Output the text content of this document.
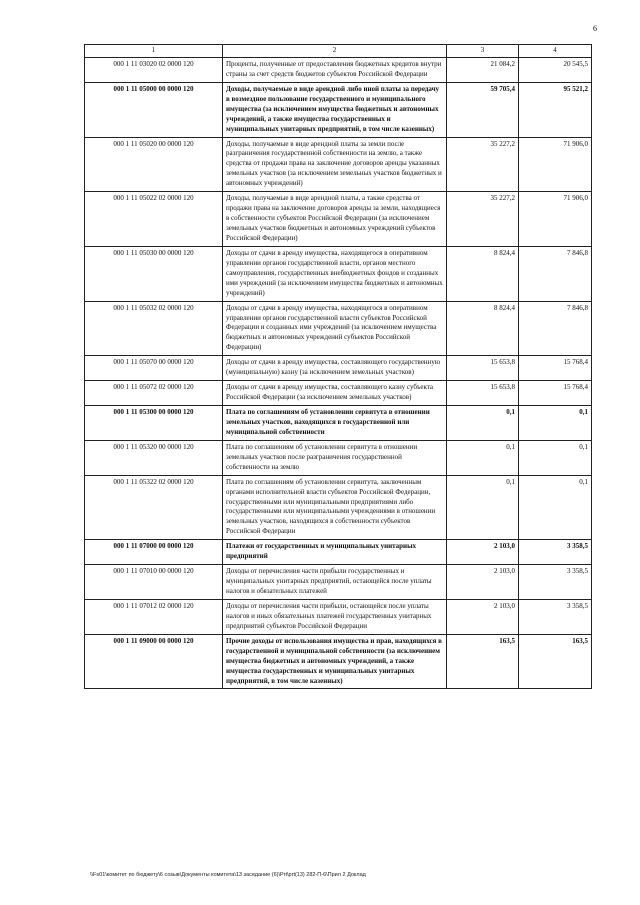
6
1	2	3	4
000 1 11 03020 02 0000 120	Проценты, полученные от предоставления бюджетных кредитов внутри страны за счет средств бюджетов субъектов Российской Федерации	21 084,2	20 545,5
000 1 11 05000 00 0000 120	Доходы, получаемые в виде арендной либо иной платы за передачу в возмездное пользование государственного и муниципального имущества (за исключением имущества бюджетных и автономных учреждений, а также имущества государственных и муниципальных унитарных предприятий, в том числе казенных)	59 705,4	95 521,2
000 1 11 05020 00 0000 120	Доходы, получаемые в виде арендной платы за земли после разграничения государственной собственности на землю, а также средства от продажи права на заключение договоров аренды указанных земельных участков (за исключением земельных участков бюджетных и автономных учреждений)	35 227,2	71 906,0
000 1 11 05022 02 0000 120	Доходы, получаемые в виде арендной платы, а также средства от продажи права на заключение договоров аренды за земли, находящиеся в собственности субъектов Российской Федерации (за исключением земельных участков бюджетных и автономных учреждений субъектов Российской Федерации)	35 227,2	71 906,0
000 1 11 05030 00 0000 120	Доходы от сдачи в аренду имущества, находящегося в оперативном управлении органов государственной власти, органов местного самоуправления, государственных внебюджетных фондов и созданных ими учреждений (за исключением имущества бюджетных и автономных учреждений)	8 824,4	7 846,8
000 1 11 05032 02 0000 120	Доходы от сдачи в аренду имущества, находящегося в оперативном управлении органов государственной власти субъектов Российской Федерации и созданных ими учреждений (за исключением имущества бюджетных и автономных учреждений субъектов Российской Федерации)	8 824,4	7 846,8
000 1 11 05070 00 0000 120	Доходы от сдачи в аренду имущества, составляющего государственную (муниципальную) казну (за исключением земельных участков)	15 653,8	15 768,4
000 1 11 05072 02 0000 120	Доходы от сдачи в аренду имущества, составляющего казну субъекта Российской Федерации (за исключением земельных участков)	15 653,8	15 768,4
000 1 11 05300 00 0000 120	Плата по соглашениям об установлении сервитута в отношении земельных участков, находящихся в государственной или муниципальной собственности	0,1	0,1
000 1 11 05320 00 0000 120	Плата по соглашениям об установлении сервитута в отношении земельных участков после разграничения государственной собственности на землю	0,1	0,1
000 1 11 05322 02 0000 120	Плата по соглашениям об установлении сервитута, заключенным органами исполнительной власти субъектов Российской Федерации, государственными или муниципальными предприятиями либо государственными или муниципальными учреждениями в отношении земельных участков, находящихся в собственности субъектов Российской Федерации	0,1	0,1
000 1 11 07000 00 0000 120	Платежи от государственных и муниципальных унитарных предприятий	2 103,0	3 358,5
000 1 11 07010 00 0000 120	Доходы от перечисления части прибыли государственных и муниципальных унитарных предприятий, остающейся после уплаты налогов и обязательных платежей	2 103,0	3 358,5
000 1 11 07012 02 0000 120	Доходы от перечисления части прибыли, остающейся после уплаты налогов и иных обязательных платежей государственных унитарных предприятий субъектов Российской Федерации	2 103,0	3 358,5
000 1 11 09000 00 0000 120	Прочие доходы от использования имущества и прав, находящихся в государственной и муниципальной собственности (за исключением имущества бюджетных и автономных учреждений, а также имущества государственных и муниципальных унитарных предприятий, в том числе казенных)	163,5	163,5
\\Fs01\комитет по бюджету\6 созыв\Документы комитета\13 заседание (6)\Prt\prt(13) 282-П-6\Прил 2 Доклад
